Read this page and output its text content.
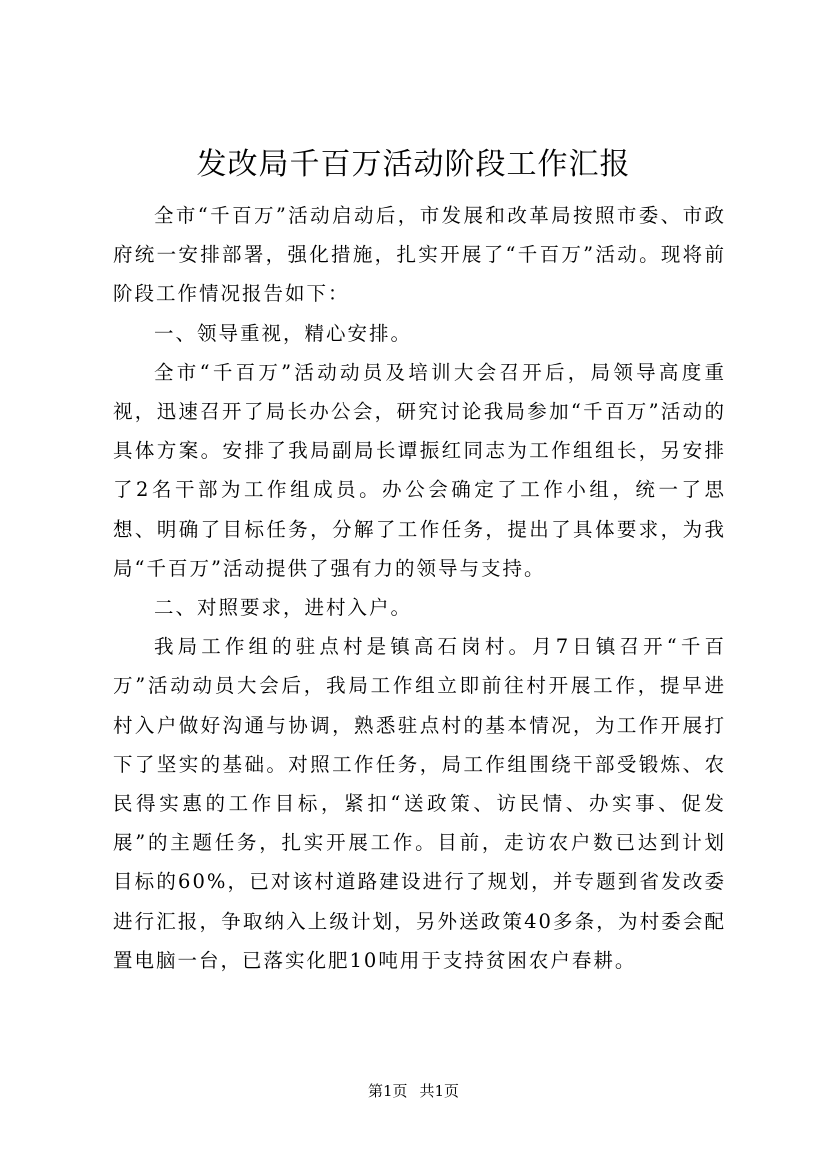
发改局千百万活动阶段工作汇报

全市“千百万”活动启动后，市发展和改革局按照市委、市政府统一安排部署，强化措施，扎实开展了“千百万”活动。现将前阶段工作情况报告如下：

一、领导重视，精心安排。

全市“千百万”活动动员及培训大会召开后，局领导高度重视，迅速召开了局长办公会，研究讨论我局参加“千百万”活动的具体方案。安排了我局副局长谭振红同志为工作组组长，另安排了2名干部为工作组成员。办公会确定了工作小组，统一了思想、明确了目标任务，分解了工作任务，提出了具体要求，为我局“千百万”活动提供了强有力的领导与支持。

二、对照要求，进村入户。

我局工作组的驻点村是镇高石岗村。月7日镇召开“千百万”活动动员大会后，我局工作组立即前往村开展工作，提早进村入户做好沟通与协调，熟悉驻点村的基本情况，为工作开展打下了坚实的基础。对照工作任务，局工作组围绕干部受锻炼、农民得实惠的工作目标，紧扣“送政策、访民情、办实事、促发展”的主题任务，扎实开展工作。目前，走访农户数已达到计划目标的60%，已对该村道路建设进行了规划，并专题到省发改委进行汇报，争取纳入上级计划，另外送政策40多条，为村委会配置电脑一台，已落实化肥10吨用于支持贫困农户春耕。

第1页 共1页
